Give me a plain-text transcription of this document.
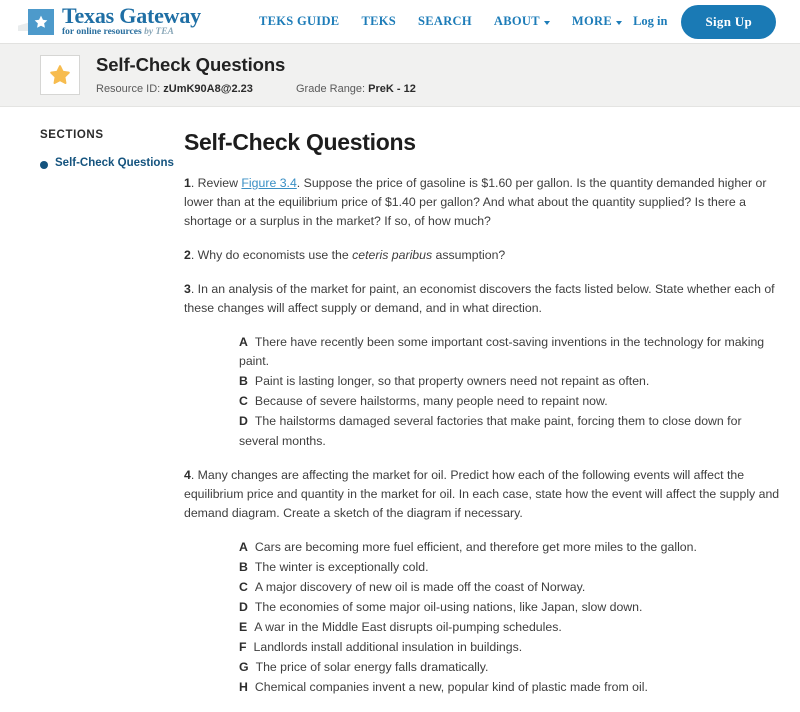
Texas Gateway
for online resources by TEA
TEKS GUIDE TEKS SEARCH ABOUT	MORE Log in	Sign Up
Self-Check Questions
Resource ID: zUmK90A8@2.23	Grade Range: PreK - 12
SECTIONS
Self-Check Questions
Self-Check Questions

1. Review Figure 3.4. Suppose the price of gasoline is $1.60 per gallon. Is the quantity demanded higher or lower than at the equilibrium price of $1.40 per gallon? And what about the quantity supplied? Is there a shortage or a surplus in the market? If so, of how much?

2. Why do economists use the ceteris paribus assumption?

3. In an analysis of the market for paint, an economist discovers the facts listed below. State whether each of these changes will affect supply or demand, and in what direction.

A There have recently been some important cost-saving inventions in the technology for making paint.
B Paint is lasting longer, so that property owners need not repaint as often.
C Because of severe hailstorms, many people need to repaint now.
D The hailstorms damaged several factories that make paint, forcing them to close down for several months.

4. Many changes are affecting the market for oil. Predict how each of the following events will affect the equilibrium price and quantity in the market for oil. In each case, state how the event will affect the supply and demand diagram. Create a sketch of the diagram if necessary.

A Cars are becoming more fuel efficient, and therefore get more miles to the gallon.
B The winter is exceptionally cold.
C A major discovery of new oil is made off the coast of Norway.
D The economies of some major oil-using nations, like Japan, slow down.
E A war in the Middle East disrupts oil-pumping schedules.
F Landlords install additional insulation in buildings.
G The price of solar energy falls dramatically.
H Chemical companies invent a new, popular kind of plastic made from oil.
